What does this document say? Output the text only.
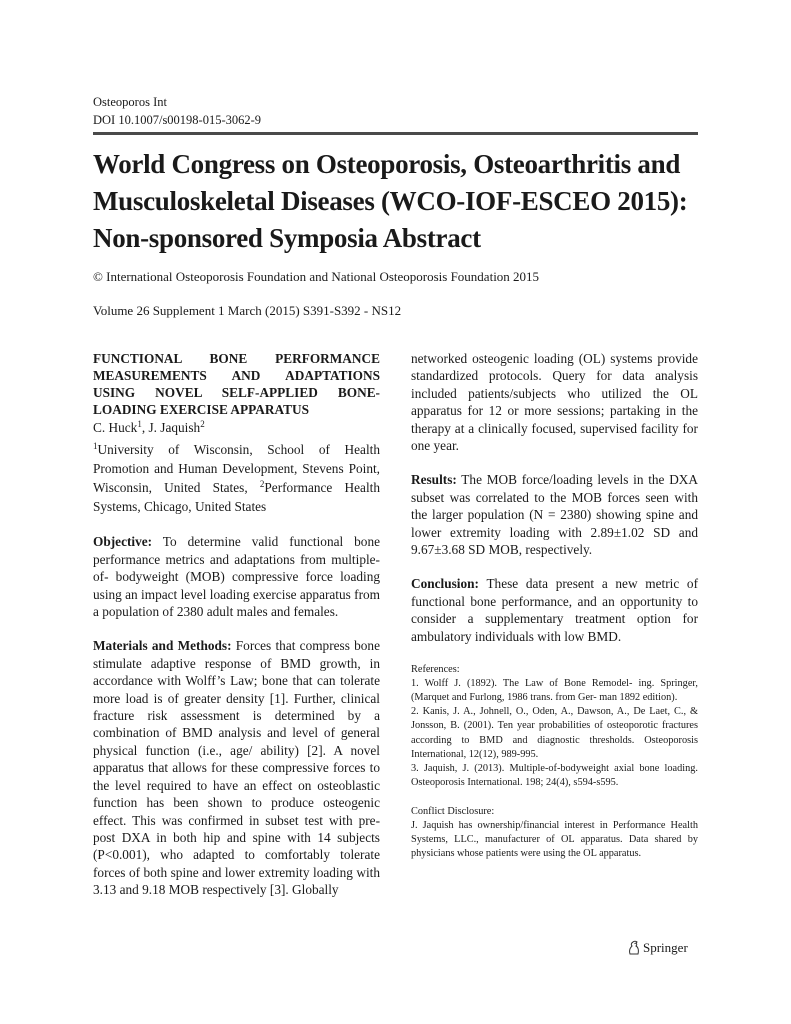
Osteoporos Int
DOI 10.1007/s00198-015-3062-9
World Congress on Osteoporosis, Osteoarthritis and Musculoskeletal Diseases (WCO-IOF-ESCEO 2015): Non-sponsored Symposia Abstract
© International Osteoporosis Foundation and National Osteoporosis Foundation 2015
Volume 26 Supplement 1 March (2015) S391-S392 - NS12

FUNCTIONAL BONE PERFORMANCE MEASUREMENTS AND ADAPTATIONS USING NOVEL SELF-APPLIED BONE-LOADING EXERCISE APPARATUS

C. Huck$^1$, J. Jaquish$^2$

$^1$University of Wisconsin, School of Health Promotion and Human Development, Stevens Point, Wisconsin, United States, $^2$Performance Health Systems, Chicago, United States

Objective: To determine valid functional bone performance metrics and adaptations from multiple-of- bodyweight (MOB) compressive force loading using an impact level loading exercise apparatus from a population of 2380 adult males and females.

Materials and Methods: Forces that compress bone stimulate adaptive response of BMD growth, in accordance with Wolff’s Law; bone that can tolerate more load is of greater density [1]. Further, clinical fracture risk assessment is determined by a combination of BMD analysis and level of general physical function (i.e., age/ ability) [2]. A novel apparatus that allows for these compressive forces to the level required to have an effect on osteoblastic function has been shown to produce osteogenic effect. This was confirmed in subset test with pre-post DXA in both hip and spine with 14 subjects (P<0.001), who adapted to comfortably tolerate forces of both spine and lower extremity loading with 3.13 and 9.18 MOB respectively [3]. Globally

networked osteogenic loading (OL) systems provide standardized protocols. Query for data analysis included patients/subjects who utilized the OL apparatus for 12 or more sessions; partaking in the therapy at a clinically focused, supervised facility for one year.

Results: The MOB force/loading levels in the DXA subset was correlated to the MOB forces seen with the larger population (N = 2380) showing spine and lower extremity loading with 2.89±1.02 SD and 9.67±3.68 SD MOB, respectively.

Conclusion: These data present a new metric of functional bone performance, and an opportunity to consider a supplementary treatment option for ambulatory individuals with low BMD.

References:

1. Wolff J. (1892). The Law of Bone Remodel- ing. Springer, (Marquet and Furlong, 1986 trans. from Ger- man 1892 edition).

2. Kanis, J. A., Johnell, O., Oden, A., Dawson, A., De Laet, C., & Jonsson, B. (2001). Ten year probabilities of osteoporotic fractures according to BMD and diagnostic thresholds. Osteoporosis International, 12(12), 989-995.

3. Jaquish, J. (2013). Multiple-of-bodyweight axial bone loading. Osteoporosis International. 198; 24(4), s594-s595.

Conflict Disclosure:

J. Jaquish has ownership/financial interest in Performance Health Systems, LLC., manufacturer of OL apparatus. Data shared by physicians whose patients were using the OL apparatus.

Springer
